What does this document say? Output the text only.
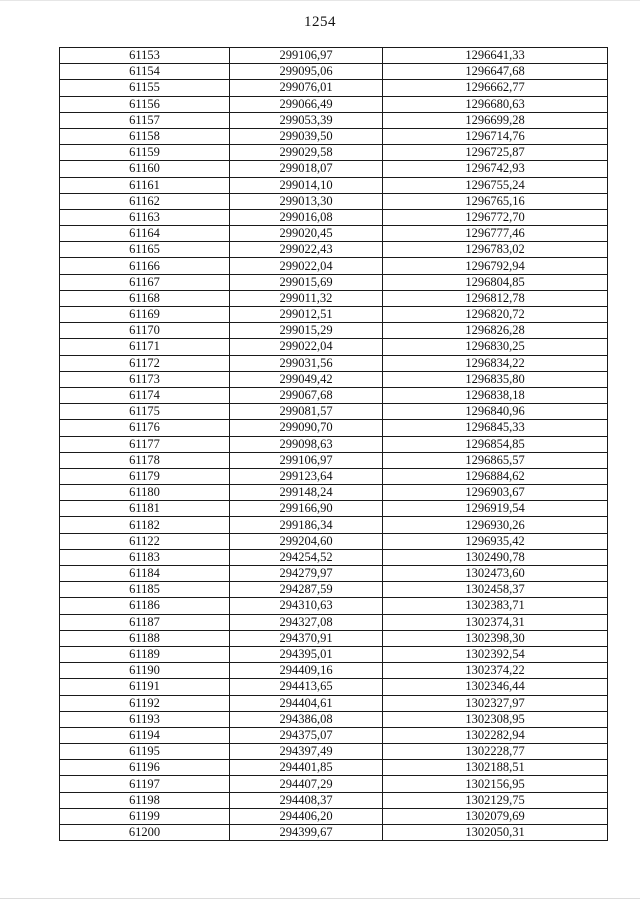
1254
61153	299106,97	1296641,33
61154	299095,06	1296647,68
61155	299076,01	1296662,77
61156	299066,49	1296680,63
61157	299053,39	1296699,28
61158	299039,50	1296714,76
61159	299029,58	1296725,87
61160	299018,07	1296742,93
61161	299014,10	1296755,24
61162	299013,30	1296765,16
61163	299016,08	1296772,70
61164	299020,45	1296777,46
61165	299022,43	1296783,02
61166	299022,04	1296792,94
61167	299015,69	1296804,85
61168	299011,32	1296812,78
61169	299012,51	1296820,72
61170	299015,29	1296826,28
61171	299022,04	1296830,25
61172	299031,56	1296834,22
61173	299049,42	1296835,80
61174	299067,68	1296838,18
61175	299081,57	1296840,96
61176	299090,70	1296845,33
61177	299098,63	1296854,85
61178	299106,97	1296865,57
61179	299123,64	1296884,62
61180	299148,24	1296903,67
61181	299166,90	1296919,54
61182	299186,34	1296930,26
61122	299204,60	1296935,42
61183	294254,52	1302490,78
61184	294279,97	1302473,60
61185	294287,59	1302458,37
61186	294310,63	1302383,71
61187	294327,08	1302374,31
61188	294370,91	1302398,30
61189	294395,01	1302392,54
61190	294409,16	1302374,22
61191	294413,65	1302346,44
61192	294404,61	1302327,97
61193	294386,08	1302308,95
61194	294375,07	1302282,94
61195	294397,49	1302228,77
61196	294401,85	1302188,51
61197	294407,29	1302156,95
61198	294408,37	1302129,75
61199	294406,20	1302079,69
61200	294399,67	1302050,31
